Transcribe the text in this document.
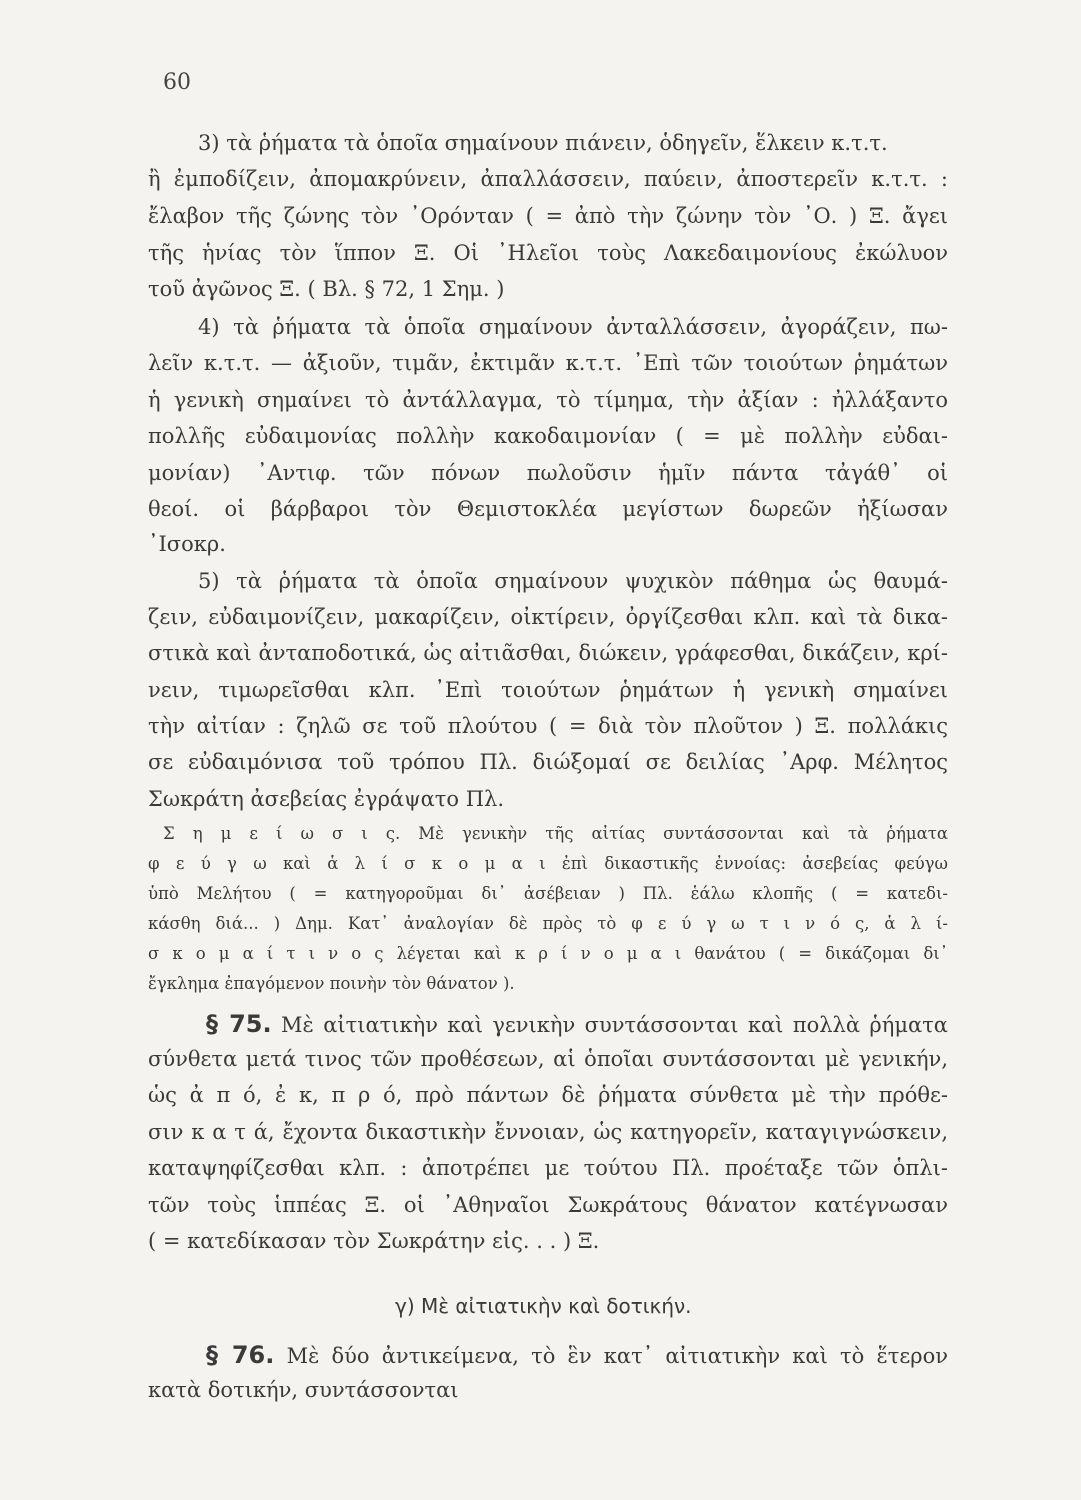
60
3) τὰ ῥήματα τὰ ὁποῖα σημαίνουν πιάνειν, ὁδηγεῖν, ἕλκειν κ.τ.τ.
ἢ ἐμποδίζειν, ἀπομακρύνειν, ἀπαλλάσσειν, παύειν, ἀποστερεῖν κ.τ.τ. :
ἔλαβον τῆς ζώνης τὸν ᾿Ορόνταν ( = ἀπὸ τὴν ζώνην τὸν ᾿Ο. ) Ξ. ἄγει
τῆς ἡνίας τὸν ἵππον Ξ. Οἱ ᾿Ηλεῖοι τοὺς Λακεδαιμονίους ἐκώλυον
τοῦ ἀγῶνος Ξ. ( Βλ. § 72, 1 Σημ. )
4) τὰ ῥήματα τὰ ὁποῖα σημαίνουν ἀνταλλάσσειν, ἀγοράζειν, πω-
λεῖν κ.τ.τ. — ἀξιοῦν, τιμᾶν, ἐκτιμᾶν κ.τ.τ. ᾿Επὶ τῶν τοιούτων ῥημάτων
ἡ γενικὴ σημαίνει τὸ ἀντάλλαγμα, τὸ τίμημα, τὴν ἀξίαν : ἠλλάξαντο
πολλῆς εὐδαιμονίας πολλὴν κακοδαιμονίαν ( = μὲ πολλὴν εὐδαι-
μονίαν) ᾿Αντιφ. τῶν πόνων πωλοῦσιν ἡμῖν πάντα τἀγάθ᾿ οἱ
θεοί. οἱ βάρβαροι τὸν Θεμιστοκλέα μεγίστων δωρεῶν ἠξίωσαν
᾿Ισοκρ.
5) τὰ ῥήματα τὰ ὁποῖα σημαίνουν ψυχικὸν πάθημα ὡς θαυμά-
ζειν, εὐδαιμονίζειν, μακαρίζειν, οἰκτίρειν, ὀργίζεσθαι κλπ. καὶ τὰ δικα-
στικὰ καὶ ἀνταποδοτικά, ὡς αἰτιᾶσθαι, διώκειν, γράφεσθαι, δικάζειν, κρί-
νειν, τιμωρεῖσθαι κλπ. ᾿Επὶ τοιούτων ῥημάτων ἡ γενικὴ σημαίνει
τὴν αἰτίαν : ζηλῶ σε τοῦ πλούτου ( = διὰ τὸν πλοῦτον ) Ξ. πολλάκις
σε εὐδαιμόνισα τοῦ τρόπου Πλ. διώξομαί σε δειλίας ᾿Αρφ. Μέλητος
Σωκράτη ἀσεβείας ἐγράψατο Πλ.
Σ η μ ε ί ω σ ι ς. Μὲ γενικὴν τῆς αἰτίας συντάσσονται καὶ τὰ ῥήματα
φ ε ύ γ ω καὶ ἁ λ ί σ κ ο μ α ι ἐπὶ δικαστικῆς ἐννοίας: ἀσεβείας φεύγω
ὑπὸ Μελήτου ( = κατηγοροῦμαι δι᾿ ἀσέβειαν ) Πλ. ἑάλω κλοπῆς ( = κατεδι-
κάσθη διά... ) Δημ. Κατ᾿ ἀναλογίαν δὲ πρὸς τὸ φ ε ύ γ ω τ ι ν ό ς, ἁ λ ί-
σ κ ο μ α ί τ ι ν ο ς λέγεται καὶ κ ρ ί ν ο μ α ι θανάτου ( = δικάζομαι δι᾿
ἔγκλημα ἐπαγόμενον ποινὴν τὸν θάνατον ).
§ 75. Μὲ αἰτιατικὴν καὶ γενικὴν συντάσσονται καὶ πολλὰ ῥήματα
σύνθετα μετά τινος τῶν προθέσεων, αἱ ὁποῖαι συντάσσονται μὲ γενικήν,
ὡς ἀ π ό, ἐ κ, π ρ ό, πρὸ πάντων δὲ ῥήματα σύνθετα μὲ τὴν πρόθε-
σιν κ α τ ά, ἔχοντα δικαστικὴν ἔννοιαν, ὡς κατηγορεῖν, καταγιγνώσκειν,
καταψηφίζεσθαι κλπ. : ἀποτρέπει με τούτου Πλ. προέταξε τῶν ὁπλι-
τῶν τοὺς ἱππέας Ξ. οἱ ᾿Αθηναῖοι Σωκράτους θάνατον κατέγνωσαν
( = κατεδίκασαν τὸν Σωκράτην εἰς. . . ) Ξ.
γ) Μὲ αἰτιατικὴν καὶ δοτικήν.
§ 76. Μὲ δύο ἀντικείμενα, τὸ ἓν κατ᾿ αἰτιατικὴν καὶ τὸ ἕτερον
κατὰ δοτικήν, συντάσσονται
